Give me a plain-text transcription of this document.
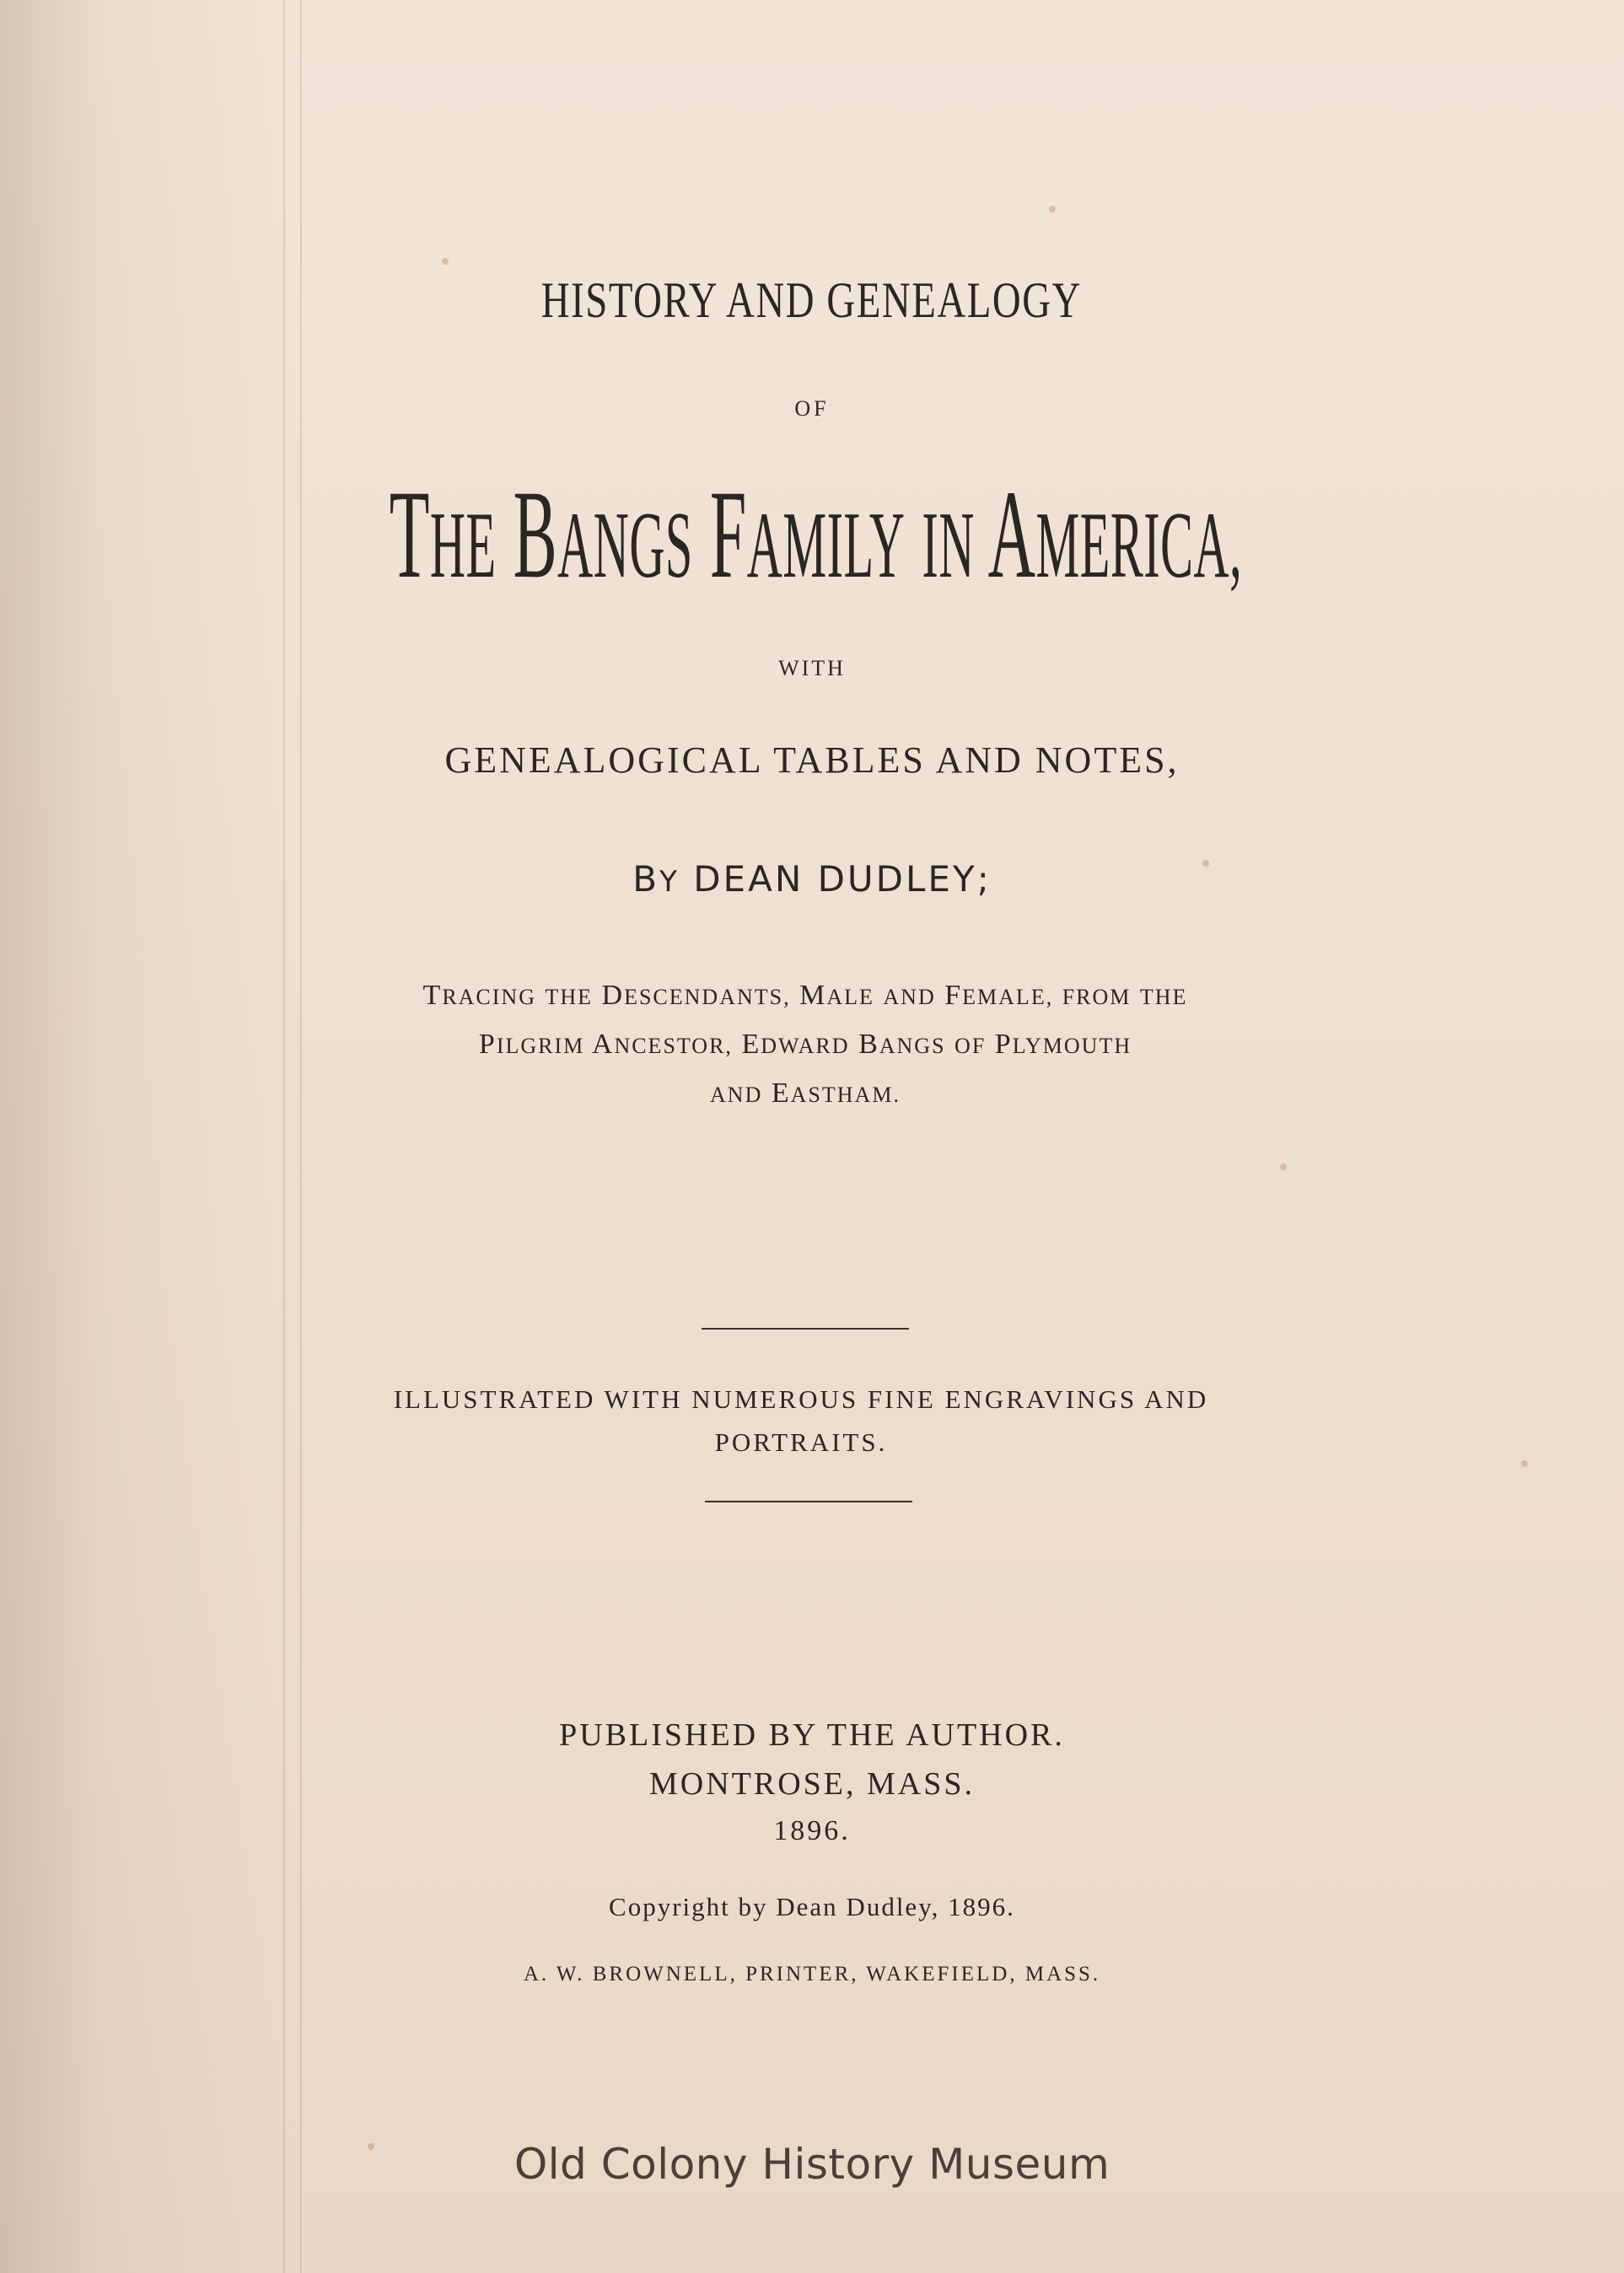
HISTORY AND GENEALOGY
OF
THE BANGS FAMILY IN AMERICA,
WITH
GENEALOGICAL TABLES AND NOTES,
BY DEAN DUDLEY;
TRACING THE DESCENDANTS, MALE AND FEMALE, FROM THE
PILGRIM ANCESTOR, EDWARD BANGS OF PLYMOUTH
AND EASTHAM.
ILLUSTRATED WITH NUMEROUS FINE ENGRAVINGS AND
PORTRAITS.
PUBLISHED BY THE AUTHOR.
MONTROSE, MASS.
1896.
Copyright by Dean Dudley, 1896.
A. W. BROWNELL, PRINTER, WAKEFIELD, MASS.
Old Colony History Museum
